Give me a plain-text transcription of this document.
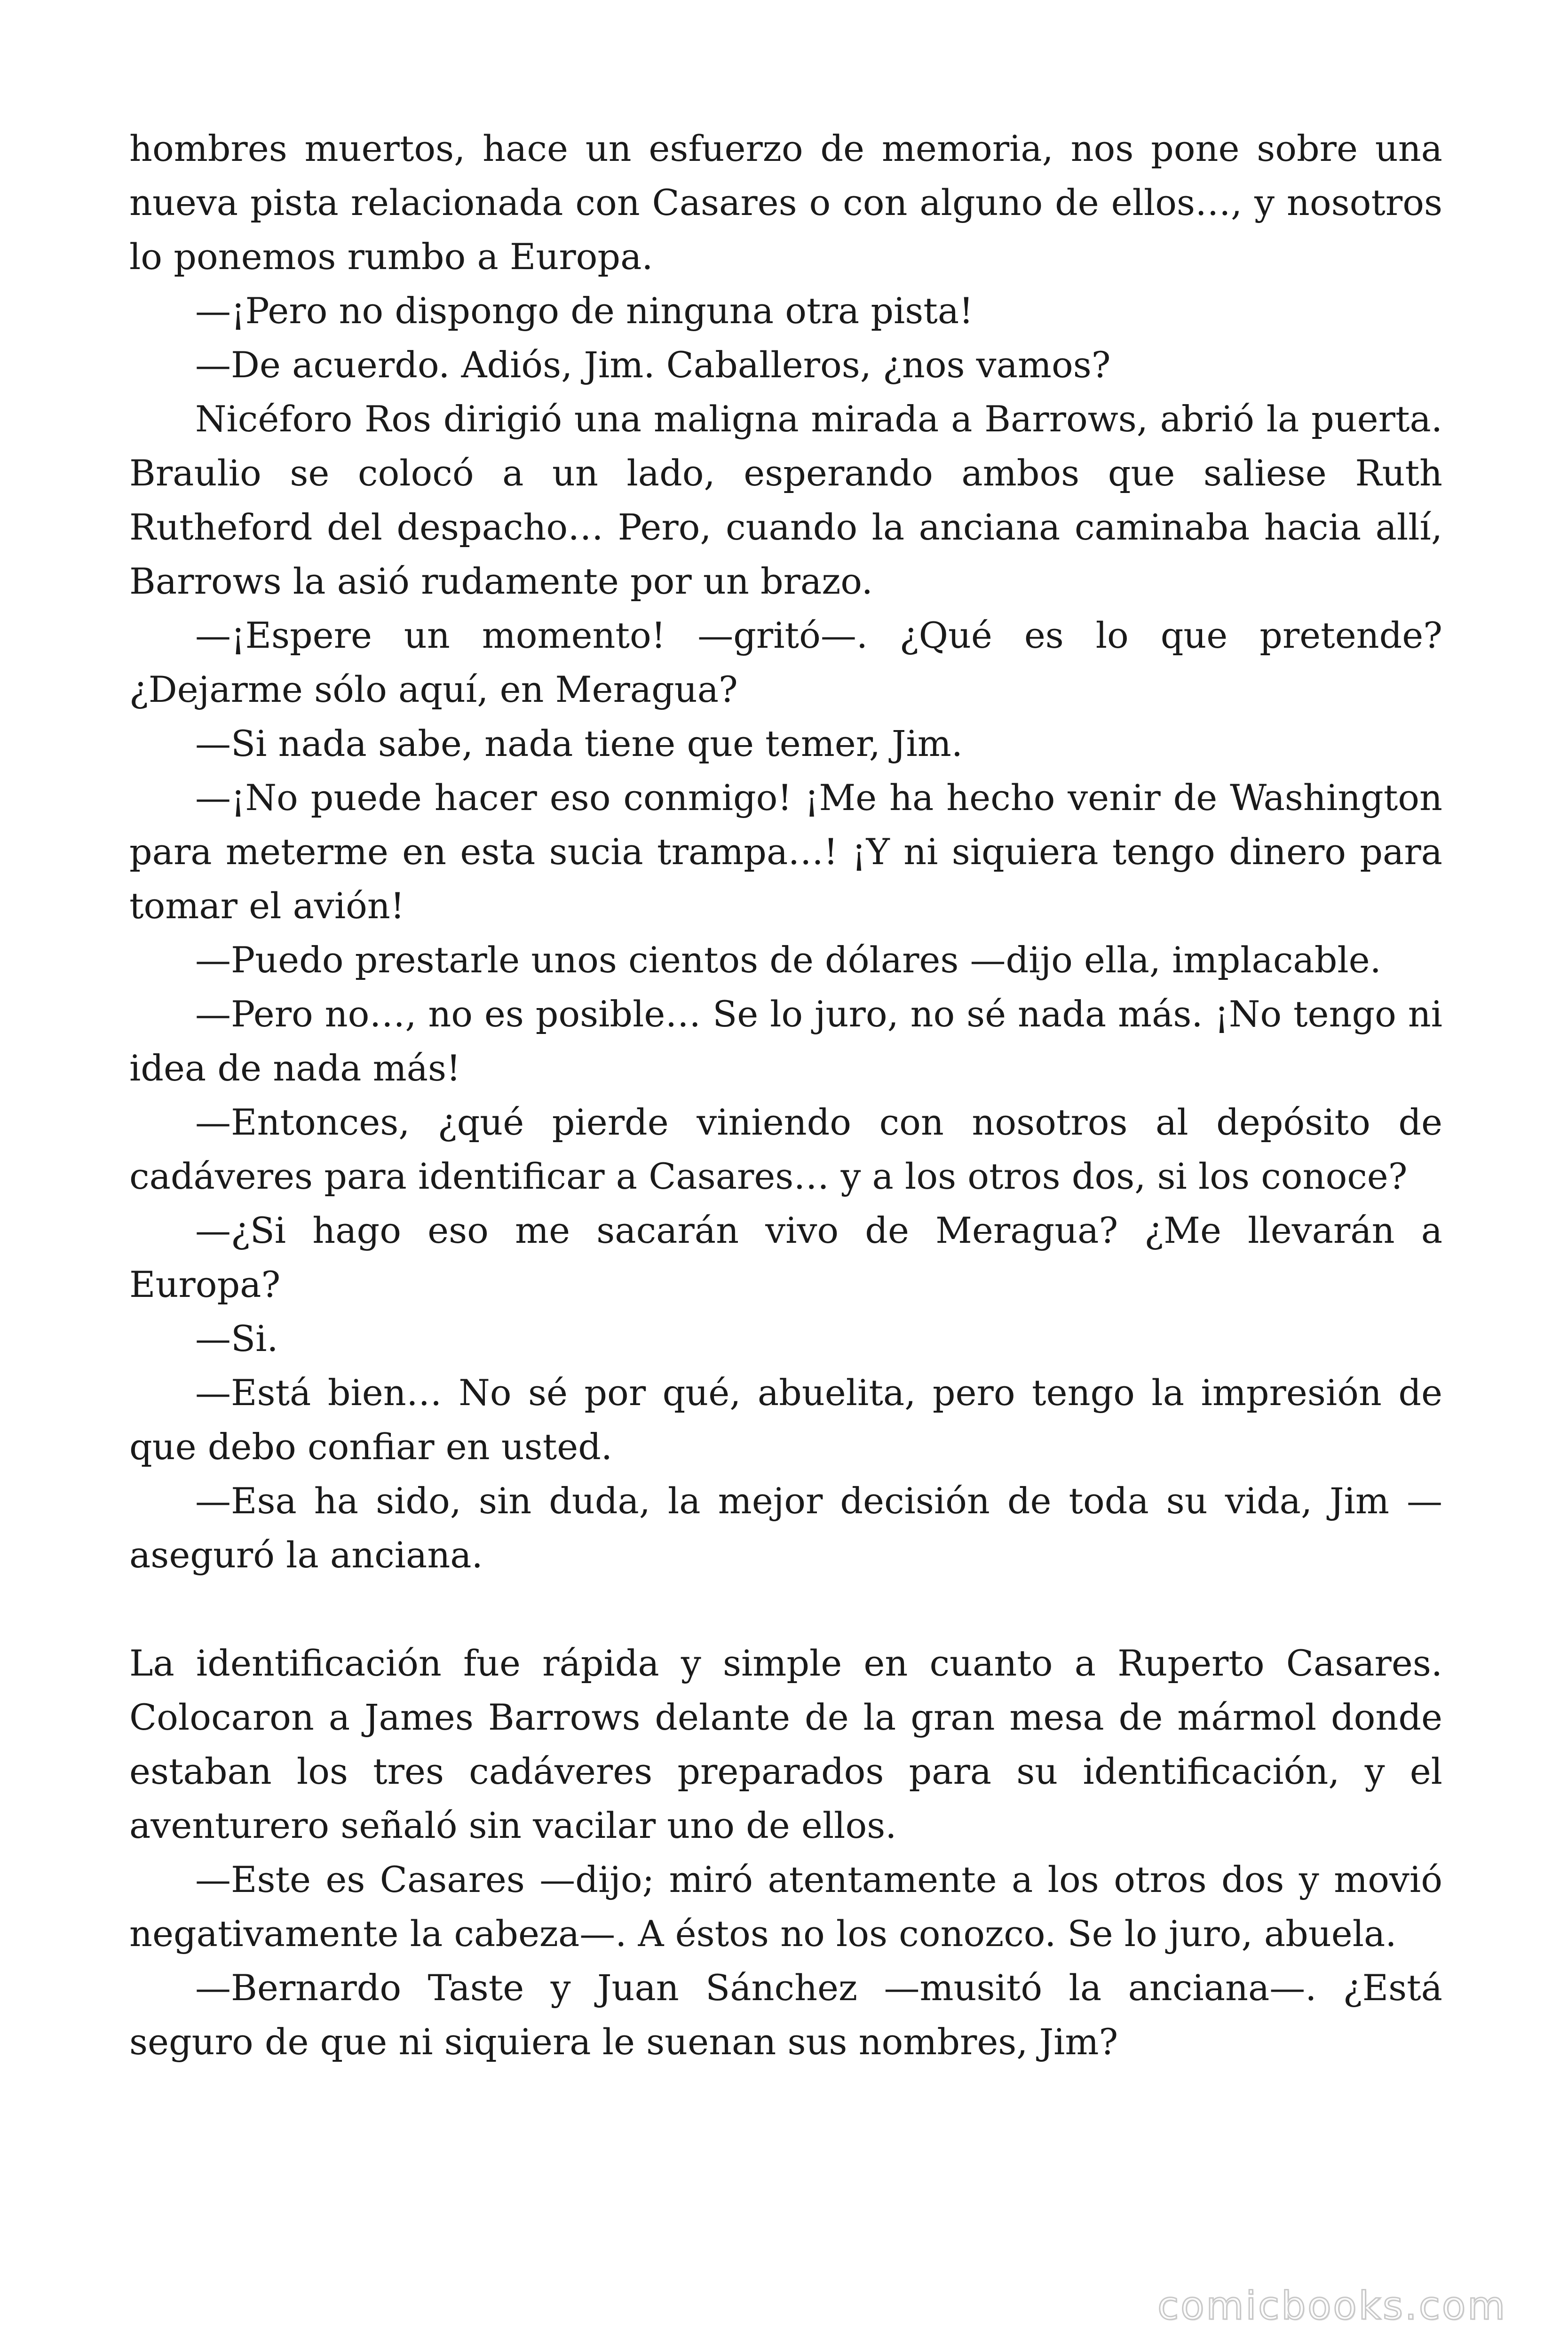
hombres muertos, hace un esfuerzo de memoria, nos pone sobre una nueva pista relacionada con Casares o con alguno de ellos…, y nosotros lo ponemos rumbo a Europa.

—¡Pero no dispongo de ninguna otra pista!

—De acuerdo. Adiós, Jim. Caballeros, ¿nos vamos?

Nicéforo Ros dirigió una maligna mirada a Barrows, abrió la puerta. Braulio se colocó a un lado, esperando ambos que saliese Ruth Rutheford del despacho… Pero, cuando la anciana caminaba hacia allí, Barrows la asió rudamente por un brazo.

—¡Espere un momento! —gritó—. ¿Qué es lo que pretende? ¿Dejarme sólo aquí, en Meragua?

—Si nada sabe, nada tiene que temer, Jim.

—¡No puede hacer eso conmigo! ¡Me ha hecho venir de Washington para meterme en esta sucia trampa…! ¡Y ni siquiera tengo dinero para tomar el avión!

—Puedo prestarle unos cientos de dólares —dijo ella, implacable.

—Pero no…, no es posible… Se lo juro, no sé nada más. ¡No tengo ni idea de nada más!

—Entonces, ¿qué pierde viniendo con nosotros al depósito de cadáveres para identificar a Casares… y a los otros dos, si los conoce?

—¿Si hago eso me sacarán vivo de Meragua? ¿Me llevarán a Europa?

—Si.

—Está bien… No sé por qué, abuelita, pero tengo la impresión de que debo confiar en usted.

—Esa ha sido, sin duda, la mejor decisión de toda su vida, Jim —aseguró la anciana.

La identificación fue rápida y simple en cuanto a Ruperto Casares. Colocaron a James Barrows delante de la gran mesa de mármol donde estaban los tres cadáveres preparados para su identificación, y el aventurero señaló sin vacilar uno de ellos.

—Este es Casares —dijo; miró atentamente a los otros dos y movió negativamente la cabeza—. A éstos no los conozco. Se lo juro, abuela.

—Bernardo Taste y Juan Sánchez —musitó la anciana—. ¿Está seguro de que ni siquiera le suenan sus nombres, Jim?

comicbooks.com
